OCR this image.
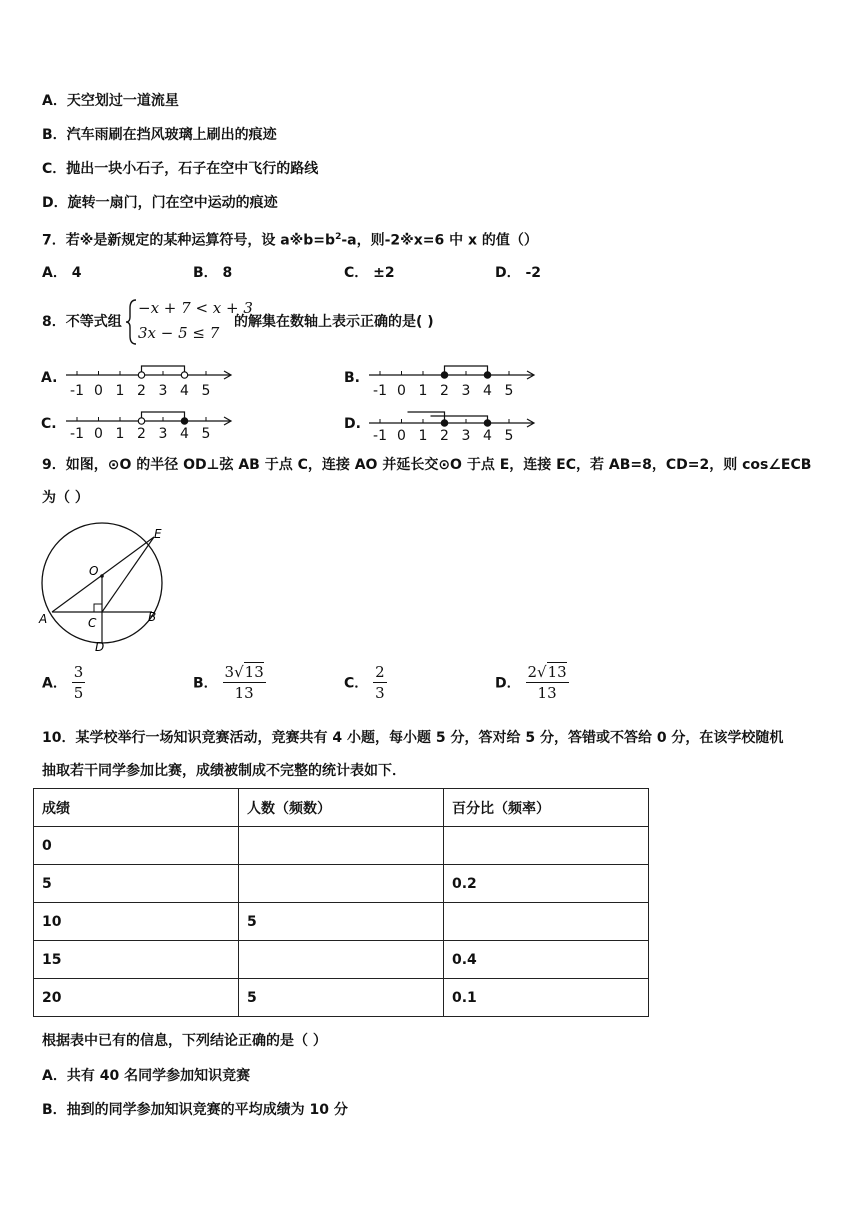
A．天空划过一道流星
B．汽车雨刷在挡风玻璃上刷出的痕迹
C．抛出一块小石子，石子在空中飞行的路线
D．旋转一扇门，门在空中运动的痕迹
7．若※是新规定的某种运算符号，设 $a※b=b^2-a$，则-2※x=6 中 x 的值（）
A． 4	B． 8	C． ±2	D． -2
8．不等式组
−x + 7 < x + 3
3x − 5 ≤ 7
的解集在数轴上表示正确的是( )
A.
-1 0 1 2 3 4 5
B.
-1 0 1 2 3 4 5
C.
-1 0 1 2 3 4 5
D.
-1 0 1 2 3 4 5
9．如图，⊙O 的半径 OD⊥弦 AB 于点 C，连接 AO 并延长交⊙O 于点 E，连接 EC，若 AB=8，CD=2，则 cos∠ECB
为（ ）
O
E
A	B
C
D
A． $\frac{3}{5}$	B． $\frac{3√13}{13}$	C． $\frac{2}{3}$	D． $\frac{2√13}{13}$
10．某学校举行一场知识竞赛活动，竞赛共有 4 小题，每小题 5 分，答对给 5 分，答错或不答给 0 分，在该学校随机
抽取若干同学参加比赛，成绩被制成不完整的统计表如下．
成绩	人数（频数）	百分比（频率）
0		
5		0.2
10	5	
15		0.4
20	5	0.1
根据表中已有的信息，下列结论正确的是（ ）
A．共有 40 名同学参加知识竞赛
B．抽到的同学参加知识竞赛的平均成绩为 10 分
